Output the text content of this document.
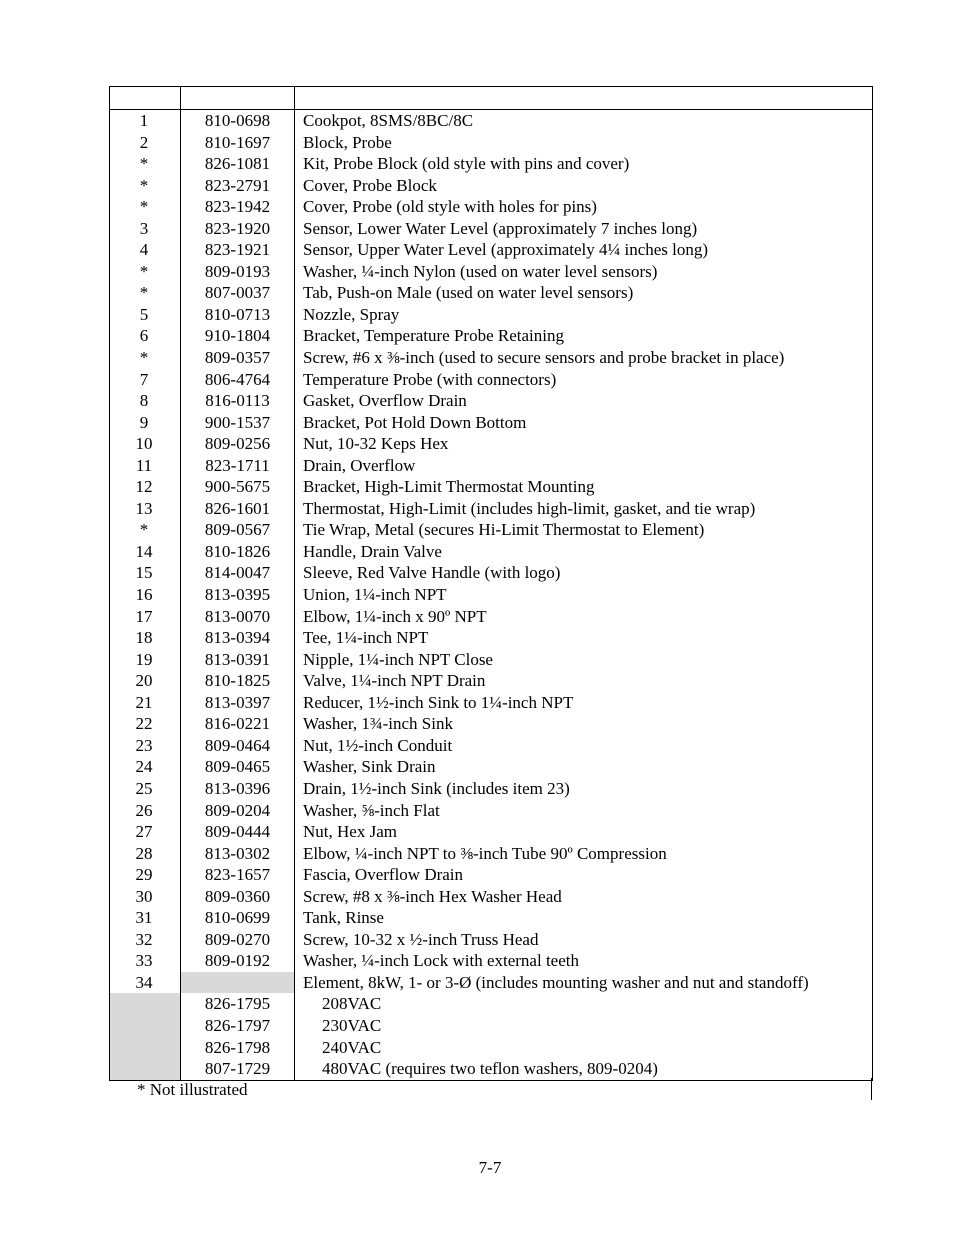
1	810-0698	Cookpot, 8SMS/8BC/8C
2	810-1697	Block, Probe
*	826-1081	Kit, Probe Block (old style with pins and cover)
*	823-2791	Cover, Probe Block
*	823-1942	Cover, Probe (old style with holes for pins)
3	823-1920	Sensor, Lower Water Level (approximately 7 inches long)
4	823-1921	Sensor, Upper Water Level (approximately 4¼ inches long)
*	809-0193	Washer, ¼-inch Nylon (used on water level sensors)
*	807-0037	Tab, Push-on Male (used on water level sensors)
5	810-0713	Nozzle, Spray
6	910-1804	Bracket, Temperature Probe Retaining
*	809-0357	Screw, #6 x ⅜-inch (used to secure sensors and probe bracket in place)
7	806-4764	Temperature Probe (with connectors)
8	816-0113	Gasket, Overflow Drain
9	900-1537	Bracket, Pot Hold Down Bottom
10	809-0256	Nut, 10-32 Keps Hex
11	823-1711	Drain, Overflow
12	900-5675	Bracket, High-Limit Thermostat Mounting
13	826-1601	Thermostat, High-Limit (includes high-limit, gasket, and tie wrap)
*	809-0567	Tie Wrap, Metal (secures Hi-Limit Thermostat to Element)
14	810-1826	Handle, Drain Valve
15	814-0047	Sleeve, Red Valve Handle (with logo)
16	813-0395	Union, 1¼-inch NPT
17	813-0070	Elbow, 1¼-inch x 90º NPT
18	813-0394	Tee, 1¼-inch NPT
19	813-0391	Nipple, 1¼-inch NPT Close
20	810-1825	Valve, 1¼-inch NPT Drain
21	813-0397	Reducer, 1½-inch Sink to 1¼-inch NPT
22	816-0221	Washer, 1¾-inch Sink
23	809-0464	Nut, 1½-inch Conduit
24	809-0465	Washer, Sink Drain
25	813-0396	Drain, 1½-inch Sink (includes item 23)
26	809-0204	Washer, ⅝-inch Flat
27	809-0444	Nut, Hex Jam
28	813-0302	Elbow, ¼-inch NPT to ⅜-inch Tube 90º Compression
29	823-1657	Fascia, Overflow Drain
30	809-0360	Screw, #8 x ⅜-inch Hex Washer Head
31	810-0699	Tank, Rinse
32	809-0270	Screw, 10-32 x ½-inch Truss Head
33	809-0192	Washer, ¼-inch Lock with external teeth
34		Element, 8kW, 1- or 3-Ø (includes mounting washer and nut and standoff)
	826-1795	208VAC
	826-1797	230VAC
	826-1798	240VAC
	807-1729	480VAC (requires two teflon washers, 809-0204)
* Not illustrated
7-7
